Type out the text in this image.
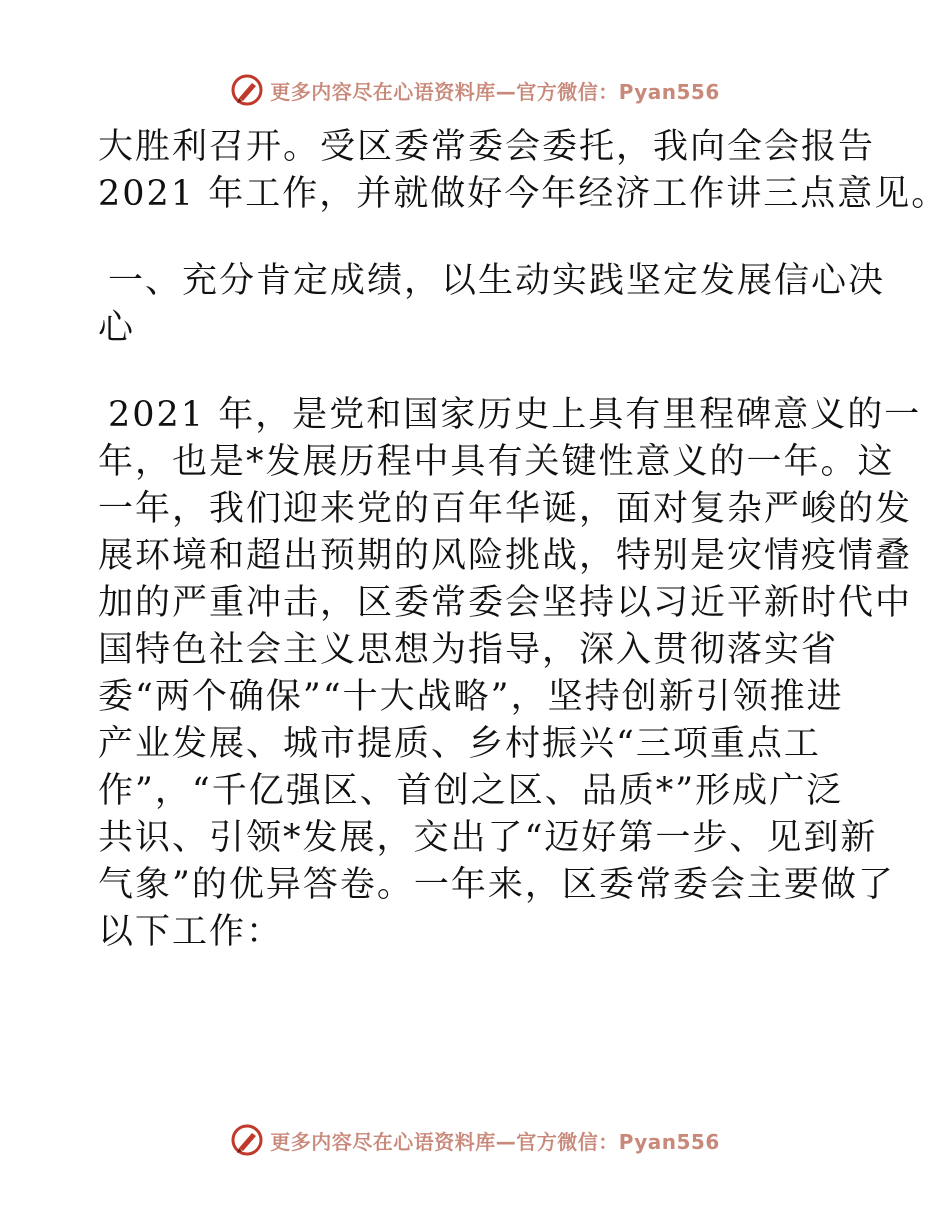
更多内容尽在心语资料库—官方微信：Pyan556
大胜利召开。受区委常委会委托，我向全会报告
2021 年工作，并就做好今年经济工作讲三点意见。
一、充分肯定成绩，以生动实践坚定发展信心决
心
2021 年，是党和国家历史上具有里程碑意义的一
年，也是*发展历程中具有关键性意义的一年。这
一年，我们迎来党的百年华诞，面对复杂严峻的发
展环境和超出预期的风险挑战，特别是灾情疫情叠
加的严重冲击，区委常委会坚持以习近平新时代中
国特色社会主义思想为指导，深入贯彻落实省
委“两个确保”“十大战略”，坚持创新引领推进
产业发展、城市提质、乡村振兴“三项重点工
作”，“千亿强区、首创之区、品质*”形成广泛
共识、引领*发展，交出了“迈好第一步、见到新
气象”的优异答卷。一年来，区委常委会主要做了
以下工作：
更多内容尽在心语资料库—官方微信：Pyan556
